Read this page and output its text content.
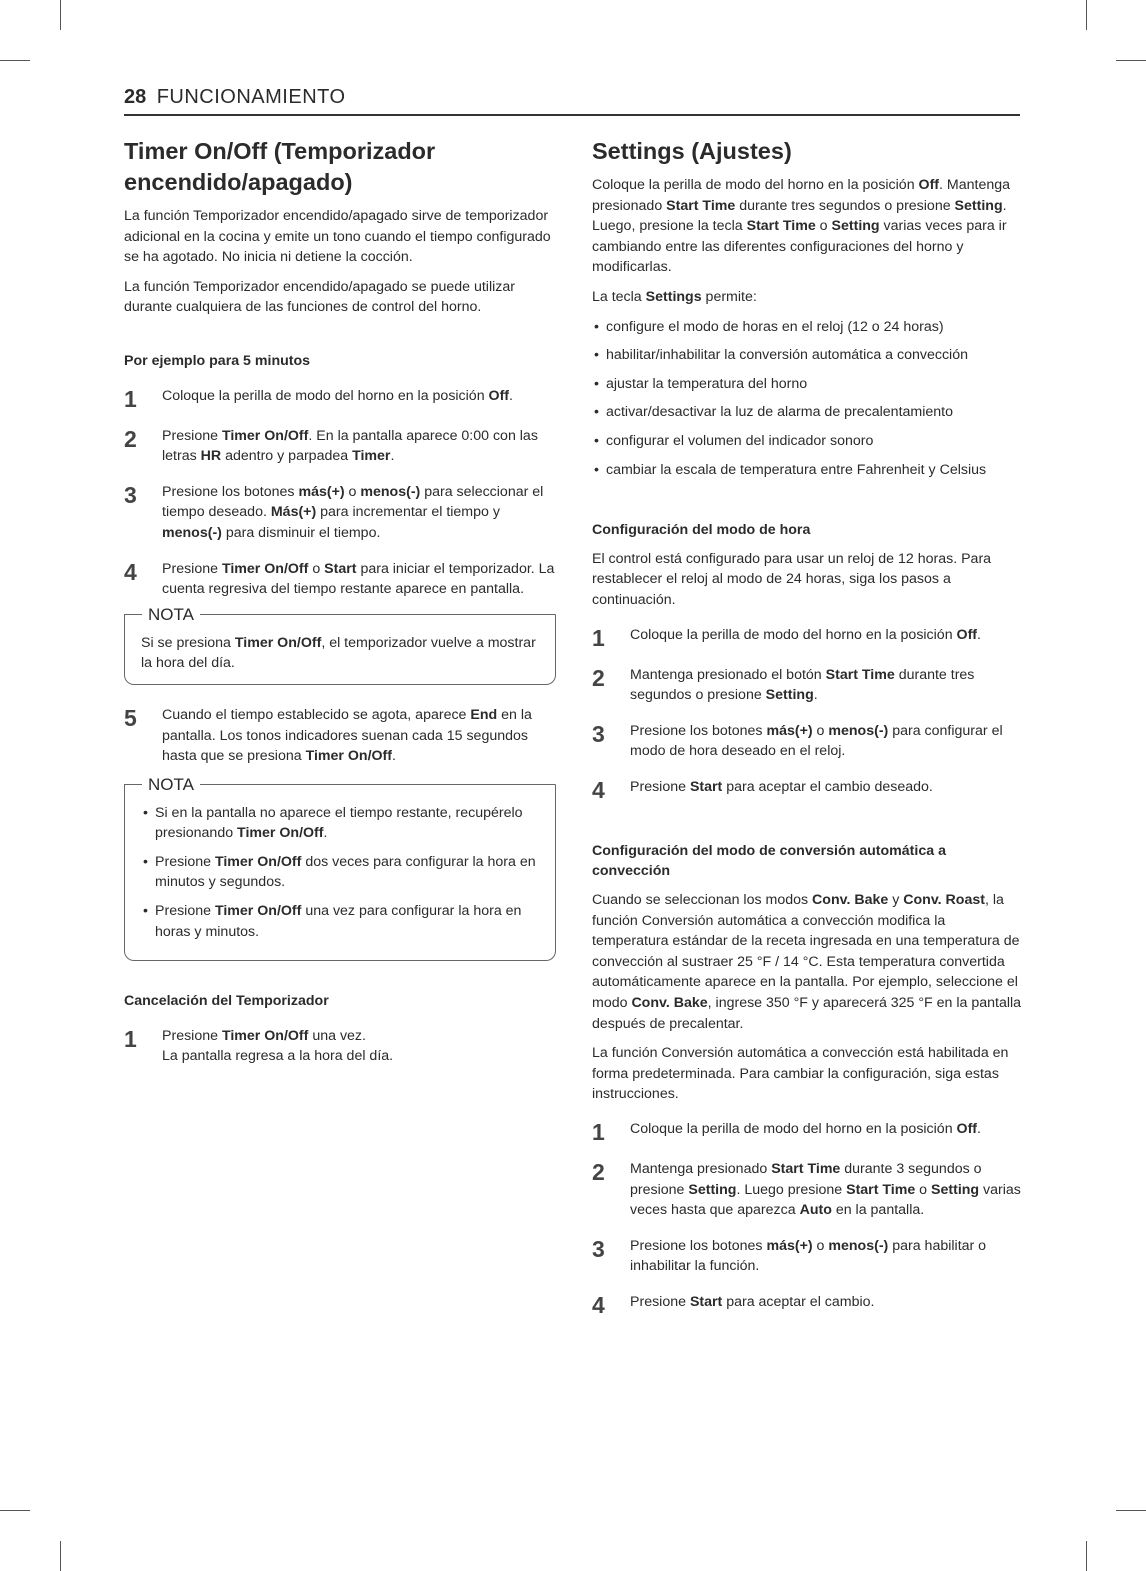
28 FUNCIONAMIENTO
Timer On/Off (Temporizador encendido/apagado)

La función Temporizador encendido/apagado sirve de temporizador adicional en la cocina y emite un tono cuando el tiempo configurado se ha agotado. No inicia ni detiene la cocción.

La función Temporizador encendido/apagado se puede utilizar durante cualquiera de las funciones de control del horno.

Por ejemplo para 5 minutos
1	Coloque la perilla de modo del horno en la posición Off.
2	Presione Timer On/Off. En la pantalla aparece 0:00 con las letras HR adentro y parpadea Timer.
3	Presione los botones más(+) o menos(-) para seleccionar el tiempo deseado. Más(+) para incrementar el tiempo y menos(-) para disminuir el tiempo.
4	Presione Timer On/Off o Start para iniciar el temporizador. La cuenta regresiva del tiempo restante aparece en pantalla.
NOTA

Si se presiona Timer On/Off, el temporizador vuelve a mostrar la hora del día.

5	Cuando el tiempo establecido se agota, aparece End en la pantalla. Los tonos indicadores suenan cada 15 segundos hasta que se presiona Timer On/Off.
NOTA
• Si en la pantalla no aparece el tiempo restante, recupérelo presionando Timer On/Off.
• Presione Timer On/Off dos veces para configurar la hora en minutos y segundos.
• Presione Timer On/Off una vez para configurar la hora en horas y minutos.
Cancelación del Temporizador
1	Presione Timer On/Off una vez.
La pantalla regresa a la hora del día.
Settings (Ajustes)

Coloque la perilla de modo del horno en la posición Off. Mantenga presionado Start Time durante tres segundos o presione Setting.
Luego, presione la tecla Start Time o Setting varias veces para ir cambiando entre las diferentes configuraciones del horno y modificarlas.

La tecla Settings permite:

• configure el modo de horas en el reloj (12 o 24 horas)
• habilitar/inhabilitar la conversión automática a convección
• ajustar la temperatura del horno
• activar/desactivar la luz de alarma de precalentamiento
• configurar el volumen del indicador sonoro
• cambiar la escala de temperatura entre Fahrenheit y Celsius
Configuración del modo de hora

El control está configurado para usar un reloj de 12 horas. Para restablecer el reloj al modo de 24 horas, siga los pasos a continuación.

1	Coloque la perilla de modo del horno en la posición Off.
2	Mantenga presionado el botón Start Time durante tres segundos o presione Setting.
3	Presione los botones más(+) o menos(-) para configurar el modo de hora deseado en el reloj.
4	Presione Start para aceptar el cambio deseado.
Configuración del modo de conversión automática a convección

Cuando se seleccionan los modos Conv. Bake y Conv. Roast, la función Conversión automática a convección modifica la temperatura estándar de la receta ingresada en una temperatura de convección al sustraer 25 °F / 14 °C. Esta temperatura convertida automáticamente aparece en la pantalla. Por ejemplo, seleccione el modo Conv. Bake, ingrese 350 °F y aparecerá 325 °F en la pantalla después de precalentar.

La función Conversión automática a convección está habilitada en forma predeterminada. Para cambiar la configuración, siga estas instrucciones.

1	Coloque la perilla de modo del horno en la posición Off.
2	Mantenga presionado Start Time durante 3 segundos o presione Setting. Luego presione Start Time o Setting varias veces hasta que aparezca Auto en la pantalla.
3	Presione los botones más(+) o menos(-) para habilitar o inhabilitar la función.
4	Presione Start para aceptar el cambio.
